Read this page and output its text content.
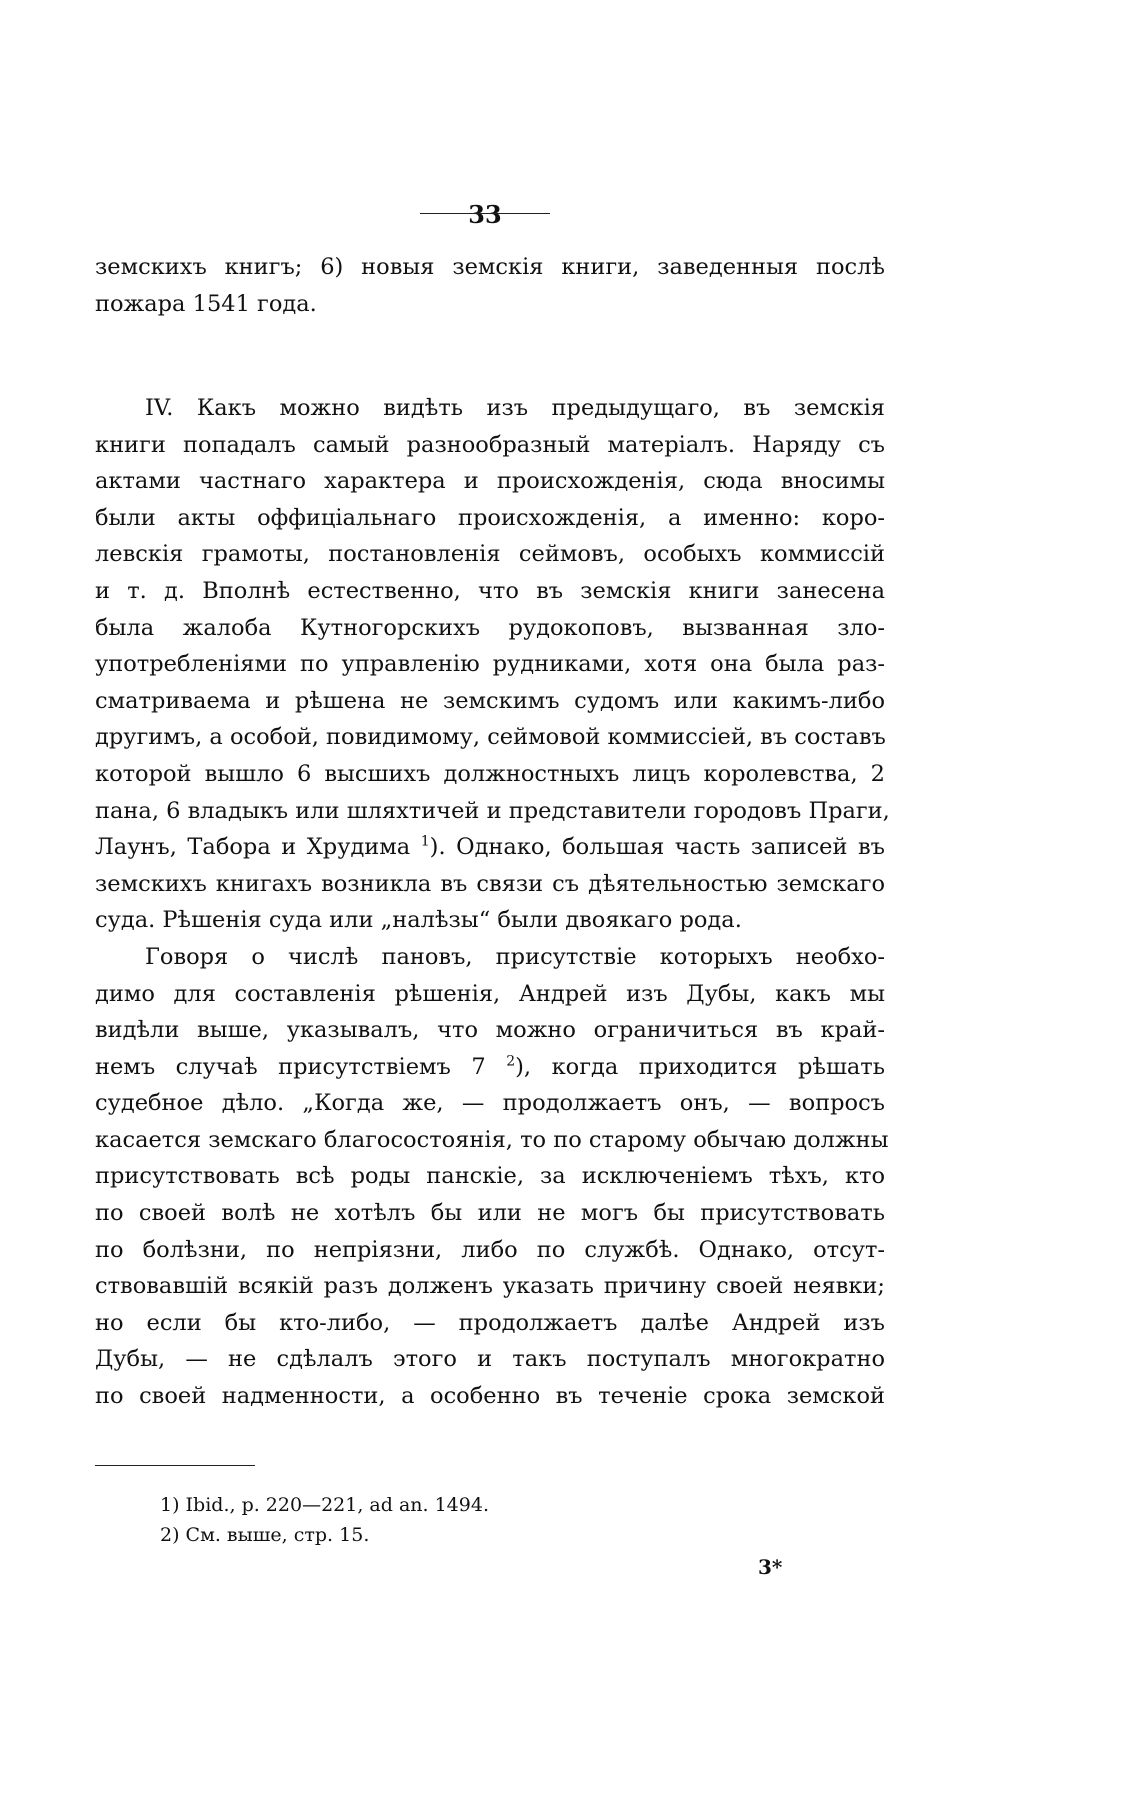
33
земскихъ книгъ; 6) новыя земскія книги, заведенныя послѣ
пожара 1541 года.
IV. Какъ можно видѣть изъ предыдущаго, въ земскія
книги попадалъ самый разнообразный матеріалъ. Наряду съ
актами частнаго характера и происхожденія, сюда вносимы
были акты оффиціальнаго происхожденія, а именно: коро-
левскія грамоты, постановленія сеймовъ, особыхъ коммиссій
и т. д. Вполнѣ естественно, что въ земскія книги занесена
была жалоба Кутногорскихъ рудокоповъ, вызванная зло-
употребленіями по управленію рудниками, хотя она была раз-
сматриваема и рѣшена не земскимъ судомъ или какимъ-либо
другимъ, а особой, повидимому, сеймовой коммиссіей, въ составъ
которой вышло 6 высшихъ должностныхъ лицъ королевства, 2
пана, 6 владыкъ или шляхтичей и представители городовъ Праги,
Лаунъ, Табора и Хрудима $^1$). Однако, большая часть записей въ
земскихъ книгахъ возникла въ связи съ дѣятельностью земскаго
суда. Рѣшенія суда или „налѣзы“ были двоякаго рода.
Говоря о числѣ пановъ, присутствіе которыхъ необхо-
димо для составленія рѣшенія, Андрей изъ Дубы, какъ мы
видѣли выше, указывалъ, что можно ограничиться въ край-
немъ случаѣ присутствіемъ 7 $^2$), когда приходится рѣшать
судебное дѣло. „Когда же, — продолжаетъ онъ, — вопросъ
касается земскаго благосостоянія, то по старому обычаю должны
присутствовать всѣ роды панскіе, за исключеніемъ тѣхъ, кто
по своей волѣ не хотѣлъ бы или не могъ бы присутствовать
по болѣзни, по непріязни, либо по службѣ. Однако, отсут-
ствовавшій всякій разъ долженъ указать причину своей неявки;
но если бы кто-либо, — продолжаетъ далѣе Андрей изъ
Дубы, — не сдѣлалъ этого и такъ поступалъ многократно
по своей надменности, а особенно въ теченіе срока земской
1) Ibid., p. 220—221, ad an. 1494.
2) См. выше, стр. 15.
3*
